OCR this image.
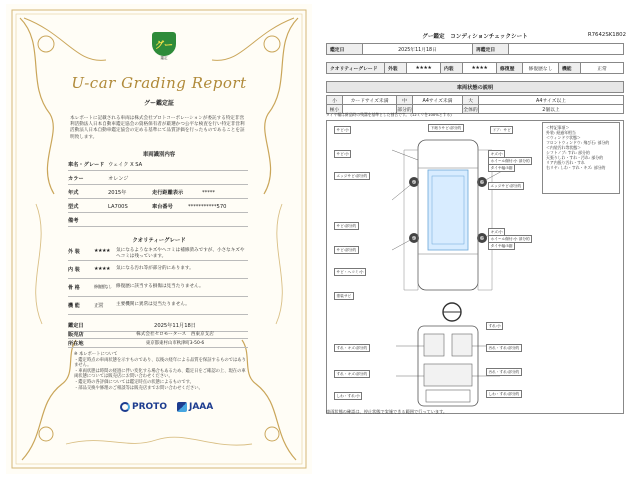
グー
鑑定
U-car Grading Report
グー鑑定証
本レポートに記載される車両は株式会社プロトコーポレーションが委託する特定非営利活動法人日本自動車鑑定協会の資格保有者が厳選かつ公平な検査を行い特定非営利活動法人日本自動車鑑定協会の定める基準にて品質評価を行ったものであることを証明致します。
車両識別内容
車名・グレード ウェイク X SA
カラー	オレンジ
年式	2015年	走行距離表示	*****
型式	LA700S	車台番号	***********570
備考
クオリティーグレード
外 装	★★★★	気になるようなキズやヘコミは補修済みですが、小さなキズやヘコミは残っています。
内 装	★★★★	気になる汚れ等が部分的にあります。
骨 格	修復歴なし 修復歴に該当する損傷は見当たりません。
機 能	正常	主要機関に異常は見当たりません。
鑑定日	2025年11月18日
販売店	株式会社セロモータース　西東京支店
所在地	東京都東村山市秋津町3-50-6
※ 本レポートについて
・鑑定時点の車両状態を示すものであり、以後の経年による品質を保証するものではありません。
・車両状態は時間の経過に伴い変化する場合もあるため、鑑定日をご確認の上、現在の車両状態については販売店にお問い合わせください。
・鑑定時の各評価については鑑定時点の状態によるものです。
・部品交換や修理のご相談等は販売店までお問い合わせください。
PROTO JAAA
グー鑑定　コンディションチェックシート	R7642SK1802
鑑定日	2025年11月18日	再鑑定日	
クオリティーグレード	外装	★★★★	内装	★★★★	修復歴	修復歴なし	機能	正常
車両状態の説明
小	カードサイズ未満	中	A4サイズ未満	大	A4サイズ以上
極小		部分的		全体的	2個以上
タイヤ幅は新品時の残溝を基準とした割合です。 (12ミリを100%とする)
サビ:小	下廻りサビ:部分的	ドア：サビ
サビ:小
エッジサビ:部分的
キズ:小
ホイール傷付:小 部分的
タイヤ幅:5割
エッジサビ:部分的
サビ:部分的
キズ:小
ホイール傷付:小 部分的
タイヤ幅:5割
サビ:部分的
サビ・ヘコミ:小
塗装サビ
すれ:小
すれ・キズ:部分的	汚れ・すれ:部分的
すれ・キズ:部分的	汚れ・すれ:部分的
しわ・すれ:小	しわ・すれ:部分的
＜特記事項＞
外装: 経過年相当
＜ウィンドウ状態＞
フロントウィンドウ: 飛び石: 部分的
＜内装汚れ等状態＞
シフトノブ: すれ: 部分的
天張りしわ・すれ・汚れ: 部分的
リア内張り汚れ・すれ
右リヤ: しわ・すれ・キズ: 部分的
車両状態の確認は、停止状態で実施できる範囲で行っています。
